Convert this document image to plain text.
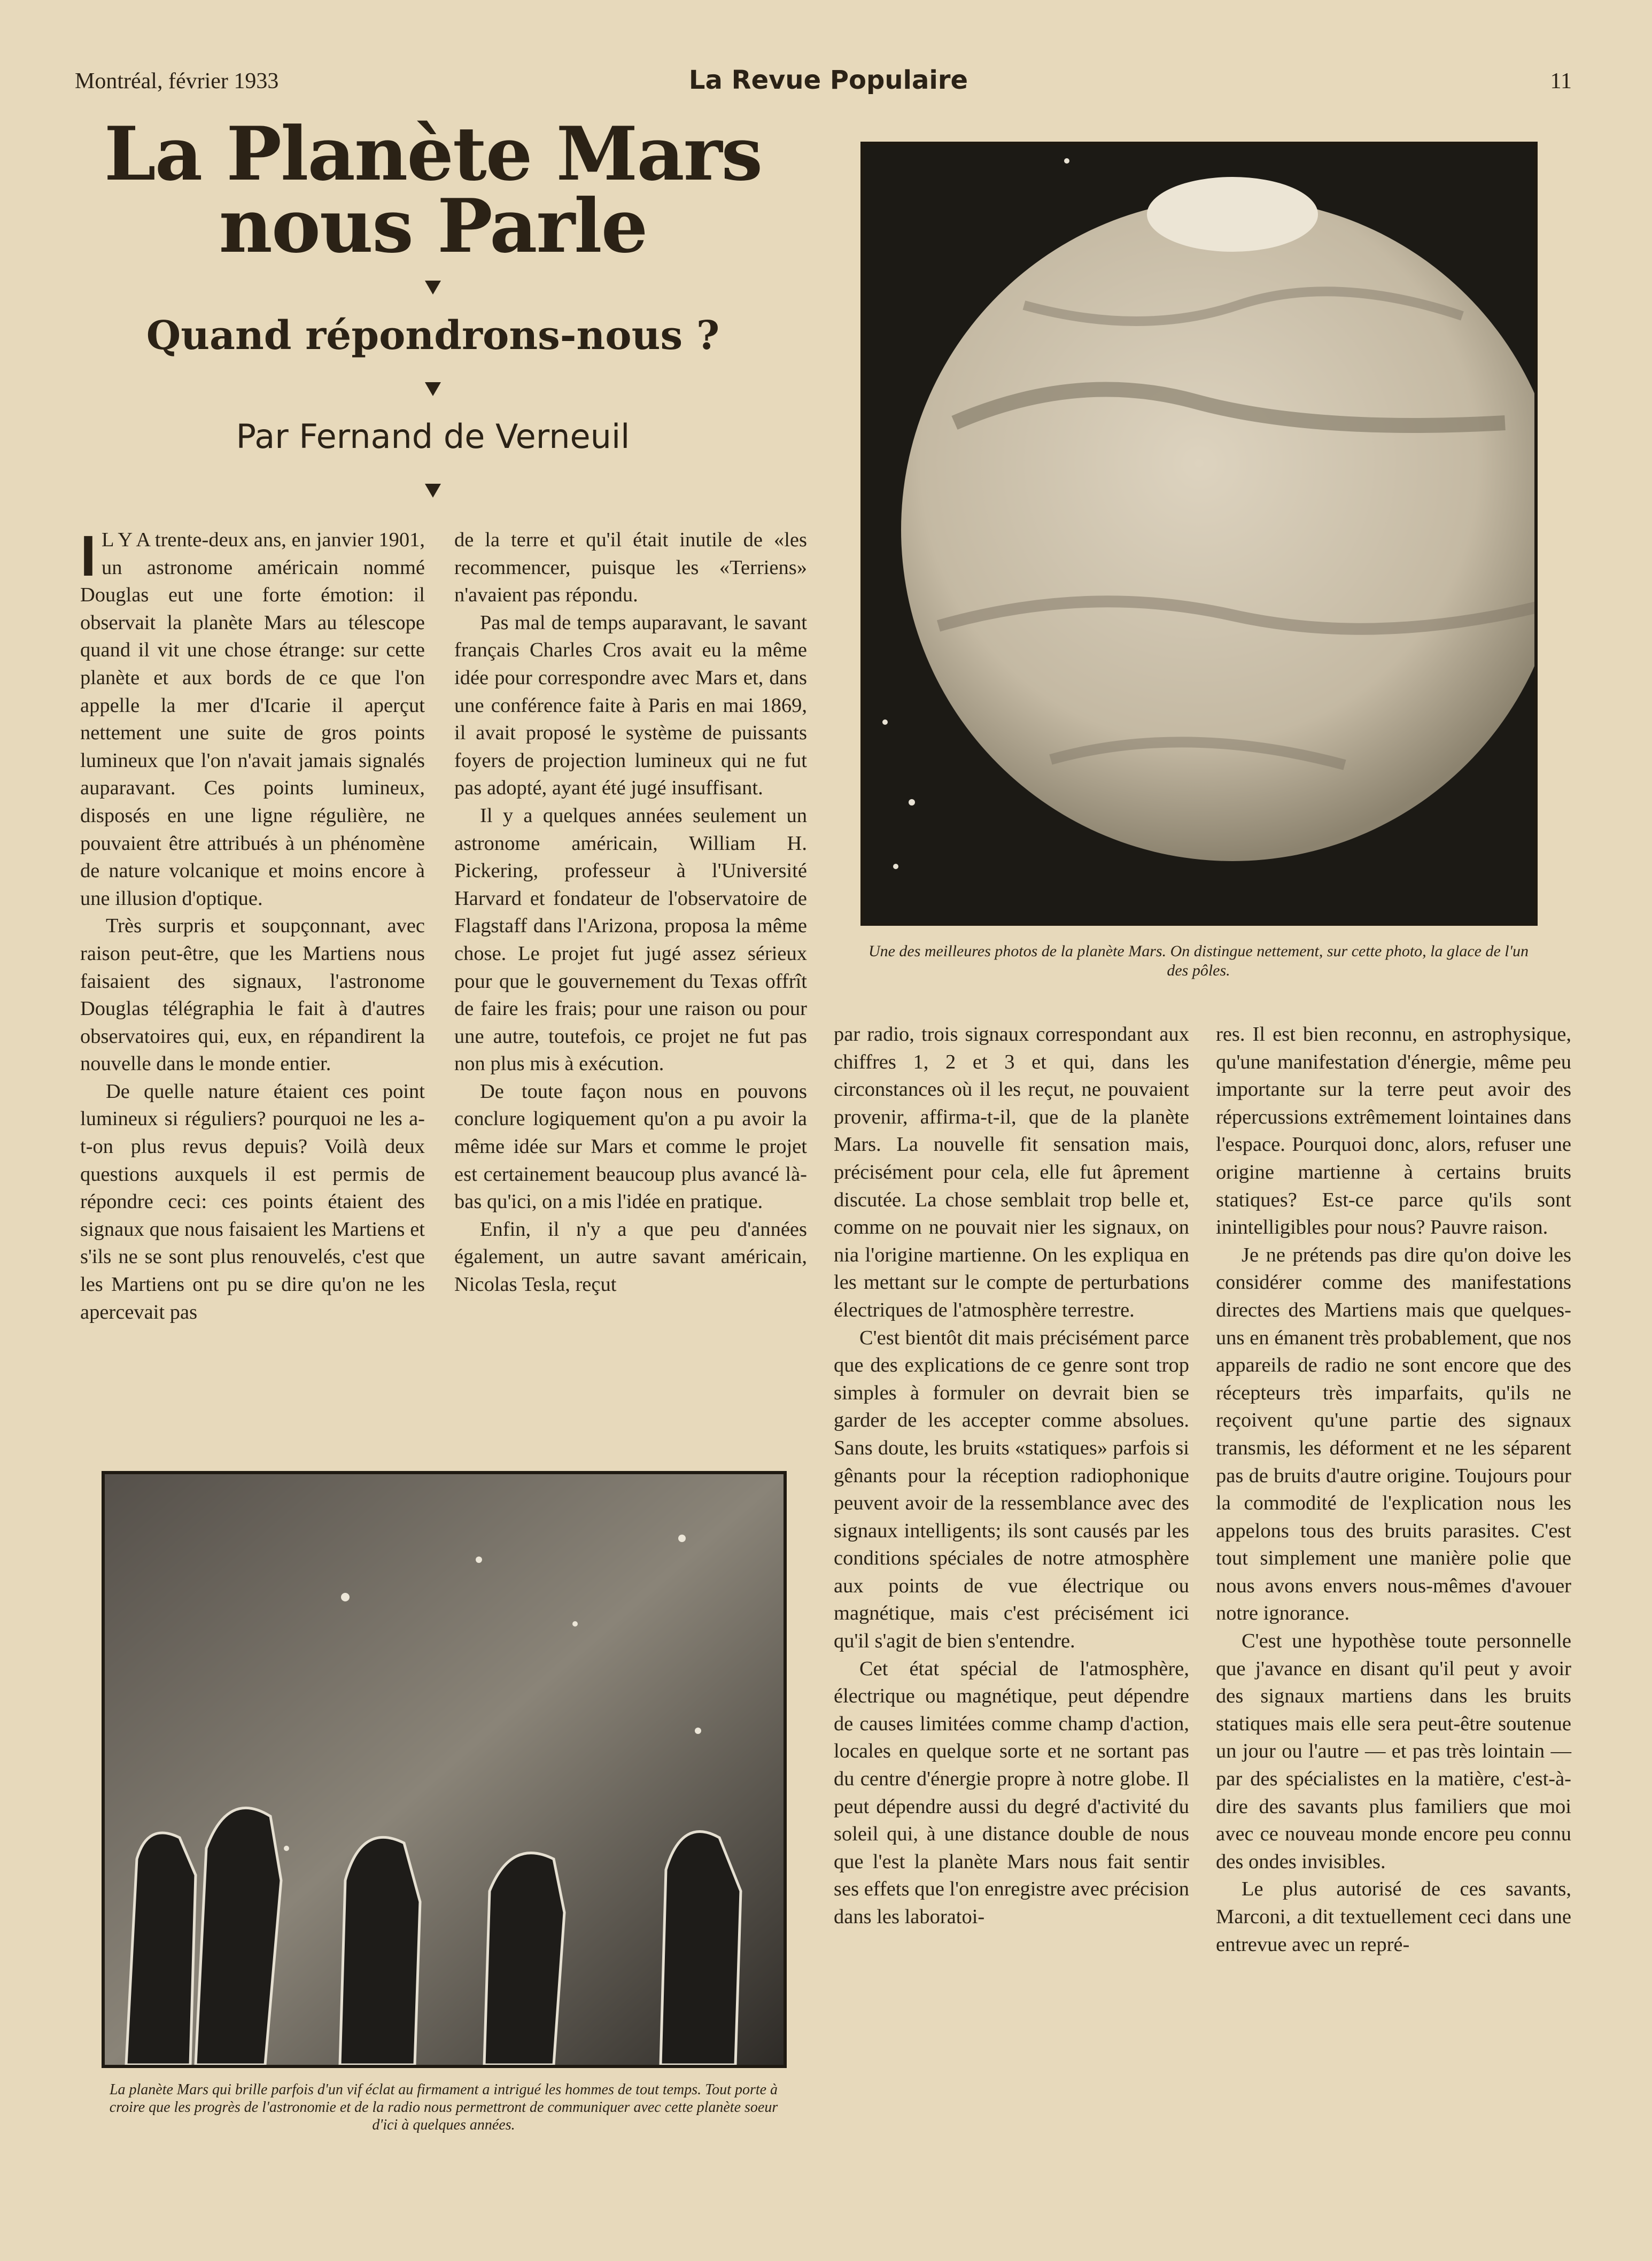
Montréal, février 1933	La Revue Populaire	11
La Planète Mars
nous Parle
Quand répondrons-nous ?
Par Fernand de Verneuil

I L Y A trente-deux ans, en janvier 1901, un astronome américain nommé Douglas eut une forte émotion: il observait la planète Mars au télescope quand il vit une chose étrange: sur cette planète et aux bords de ce que l'on appelle la mer d'Icarie il aperçut nettement une suite de gros points lumineux que l'on n'avait jamais signalés auparavant. Ces points lumineux, disposés en une ligne régulière, ne pouvaient être attribués à un phénomène de nature volcanique et moins encore à une illusion d'optique.

Très surpris et soupçonnant, avec raison peut-être, que les Martiens nous faisaient des signaux, l'astronome Douglas télégraphia le fait à d'autres observatoires qui, eux, en répandirent la nouvelle dans le monde entier.

De quelle nature étaient ces point lumineux si réguliers? pourquoi ne les a-t-on plus revus depuis? Voilà deux questions auxquels il est permis de répondre ceci: ces points étaient des signaux que nous faisaient les Martiens et s'ils ne se sont plus renouvelés, c'est que les Martiens ont pu se dire qu'on ne les apercevait pas

de la terre et qu'il était inutile de «les recommencer, puisque les «Terriens» n'avaient pas répondu.

Pas mal de temps auparavant, le savant français Charles Cros avait eu la même idée pour correspondre avec Mars et, dans une conférence faite à Paris en mai 1869, il avait proposé le système de puissants foyers de projection lumineux qui ne fut pas adopté, ayant été jugé insuffisant.

Il y a quelques années seulement un astronome américain, William H. Pickering, professeur à l'Université Harvard et fondateur de l'observatoire de Flagstaff dans l'Arizona, proposa la même chose. Le projet fut jugé assez sérieux pour que le gouvernement du Texas offrît de faire les frais; pour une raison ou pour une autre, toutefois, ce projet ne fut pas non plus mis à exécution.

De toute façon nous en pouvons conclure logiquement qu'on a pu avoir la même idée sur Mars et comme le projet est certainement beaucoup plus avancé là-bas qu'ici, on a mis l'idée en pratique.

Enfin, il n'y a que peu d'années également, un autre savant américain, Nicolas Tesla, reçut

Une des meilleures photos de la planète Mars. On distingue nettement, sur cette photo, la glace de l'un des pôles.

par radio, trois signaux correspondant aux chiffres 1, 2 et 3 et qui, dans les circonstances où il les reçut, ne pouvaient provenir, affirma-t-il, que de la planète Mars. La nouvelle fit sensation mais, précisément pour cela, elle fut âprement discutée. La chose semblait trop belle et, comme on ne pouvait nier les signaux, on nia l'origine martienne. On les expliqua en les mettant sur le compte de perturbations électriques de l'atmosphère terrestre.

C'est bientôt dit mais précisément parce que des explications de ce genre sont trop simples à formuler on devrait bien se garder de les accepter comme absolues. Sans doute, les bruits «statiques» parfois si gênants pour la réception radiophonique peuvent avoir de la ressemblance avec des signaux intelligents; ils sont causés par les conditions spéciales de notre atmosphère aux points de vue électrique ou magnétique, mais c'est précisément ici qu'il s'agit de bien s'entendre.

Cet état spécial de l'atmosphère, électrique ou magnétique, peut dépendre de causes limitées comme champ d'action, locales en quelque sorte et ne sortant pas du centre d'énergie propre à notre globe. Il peut dépendre aussi du degré d'activité du soleil qui, à une distance double de nous que l'est la planète Mars nous fait sentir ses effets que l'on enregistre avec précision dans les laboratoi-

res. Il est bien reconnu, en astrophysique, qu'une manifestation d'énergie, même peu importante sur la terre peut avoir des répercussions extrêmement lointaines dans l'espace. Pourquoi donc, alors, refuser une origine martienne à certains bruits statiques? Est-ce parce qu'ils sont inintelligibles pour nous? Pauvre raison.

Je ne prétends pas dire qu'on doive les considérer comme des manifestations directes des Martiens mais que quelques-uns en émanent très probablement, que nos appareils de radio ne sont encore que des récepteurs très imparfaits, qu'ils ne reçoivent qu'une partie des signaux transmis, les déforment et ne les séparent pas de bruits d'autre origine. Toujours pour la commodité de l'explication nous les appelons tous des bruits parasites. C'est tout simplement une manière polie que nous avons envers nous-mêmes d'avouer notre ignorance.

C'est une hypothèse toute personnelle que j'avance en disant qu'il peut y avoir des signaux martiens dans les bruits statiques mais elle sera peut-être soutenue un jour ou l'autre — et pas très lointain — par des spécialistes en la matière, c'est-à-dire des savants plus familiers que moi avec ce nouveau monde encore peu connu des ondes invisibles.

Le plus autorisé de ces savants, Marconi, a dit textuellement ceci dans une entrevue avec un repré-

La planète Mars qui brille parfois d'un vif éclat au firmament a intrigué les hommes de tout temps. Tout porte à croire que les progrès de l'astronomie et de la radio nous permettront de communiquer avec cette planète soeur d'ici à quelques années.
